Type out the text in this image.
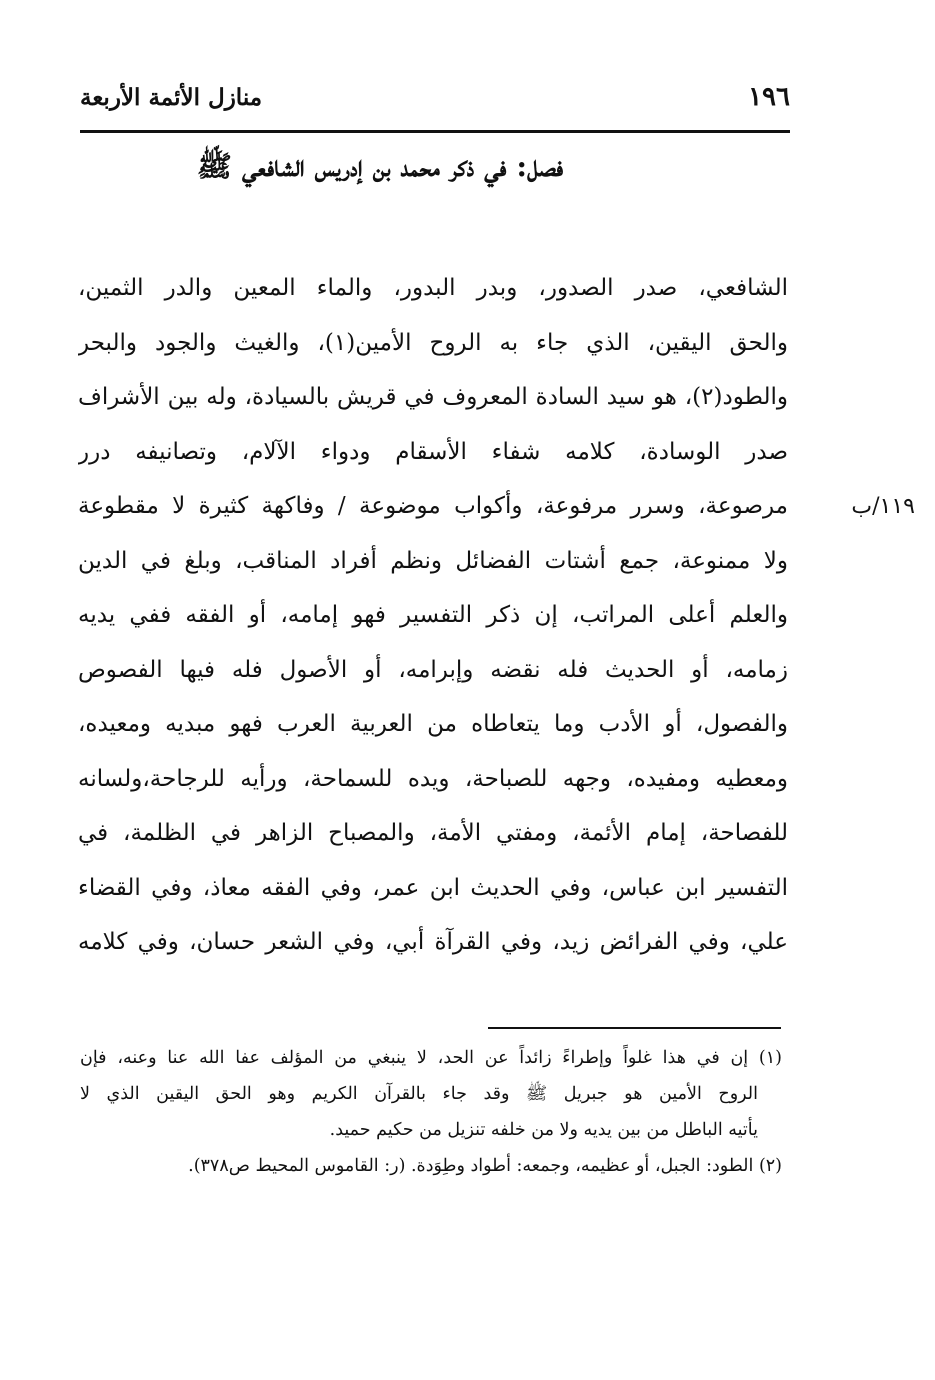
١٩٦
منازل الأئمة الأربعة
فصل: في ذكر محمد بن إدريس الشافعي ﷺ
١١٩/ب
الشافعي، صدر الصدور، وبدر البدور، والماء المعين والدر الثمين،
والحق اليقين، الذي جاء به الروح الأمين(١)، والغيث والجود والبحر
والطود(٢)، هو سيد السادة المعروف في قريش بالسيادة، وله بين الأشراف
صدر الوسادة، كلامه شفاء الأسقام ودواء الآلام، وتصانيفه درر
مرصوعة، وسرر مرفوعة، وأكواب موضوعة / وفاكهة كثيرة لا مقطوعة
ولا ممنوعة، جمع أشتات الفضائل ونظم أفراد المناقب، وبلغ في الدين
والعلم أعلى المراتب، إن ذكر التفسير فهو إمامه، أو الفقه ففي يديه
زمامه، أو الحديث فله نقضه وإبرامه، أو الأصول فله فيها الفصوص
والفصول، أو الأدب وما يتعاطاه من العربية العرب فهو مبديه ومعيده،
ومعطيه ومفيده، وجهه للصباحة، ويده للسماحة، ورأيه للرجاحة،ولسانه
للفصاحة، إمام الأئمة، ومفتي الأمة، والمصباح الزاهر في الظلمة، في
التفسير ابن عباس، وفي الحديث ابن عمر، وفي الفقه معاذ، وفي القضاء
علي، وفي الفرائض زيد، وفي القرآة أبي، وفي الشعر حسان، وفي كلامه
(١) إن في هذا غلواً وإطراءً زائداً عن الحد، لا ينبغي من المؤلف عفا الله عنا وعنه، فإن
الروح الأمين هو جبريل ﷺ وقد جاء بالقرآن الكريم وهو الحق اليقين الذي لا
يأتيه الباطل من بين يديه ولا من خلفه تنزيل من حكيم حميد.
(٢) الطود: الجبل، أو عظيمه، وجمعه: أطواد وطِوَدة. (ر: القاموس المحيط ص٣٧٨).
